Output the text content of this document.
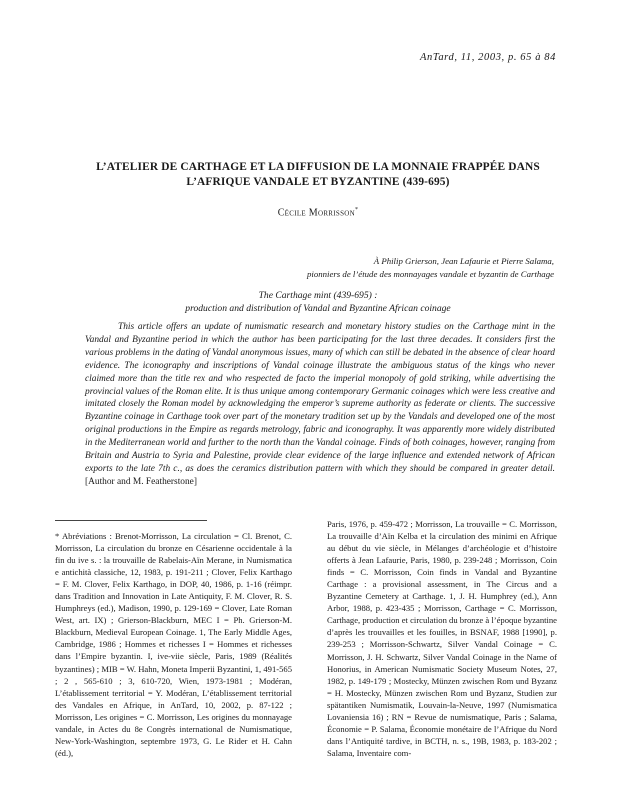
AnTard, 11, 2003, p. 65 à 84
L’ATELIER DE CARTHAGE ET LA DIFFUSION DE LA MONNAIE FRAPPÉE DANS L’AFRIQUE VANDALE ET BYZANTINE (439-695)
Cécile Morrisson*
À Philip Grierson, Jean Lafaurie et Pierre Salama,
pionniers de l’étude des monnayages vandale et byzantin de Carthage
The Carthage mint (439-695) :
production and distribution of Vandal and Byzantine African coinage
This article offers an update of numismatic research and monetary history studies on the Carthage mint in the Vandal and Byzantine period in which the author has been participating for the last three decades. It considers first the various problems in the dating of Vandal anonymous issues, many of which can still be debated in the absence of clear hoard evidence. The iconography and inscriptions of Vandal coinage illustrate the ambiguous status of the kings who never claimed more than the title rex and who respected de facto the imperial monopoly of gold striking, while advertising the provincial values of the Roman elite. It is thus unique among contemporary Germanic coinages which were less creative and imitated closely the Roman model by acknowledging the emperor’s supreme authority as federate or clients. The successive Byzantine coinage in Carthage took over part of the monetary tradition set up by the Vandals and developed one of the most original productions in the Empire as regards metrology, fabric and iconography. It was apparently more widely distributed in the Mediterranean world and further to the north than the Vandal coinage. Finds of both coinages, however, ranging from Britain and Austria to Syria and Palestine, provide clear evidence of the large influence and extended network of African exports to the late 7th c., as does the ceramics distribution pattern with which they should be compared in greater detail. [Author and M. Featherstone]

* Abréviations : Brenot-Morrisson, La circulation = Cl. Brenot, C. Morrisson, La circulation du bronze en Césarienne occidentale à la fin du ive s. : la trouvaille de Rabelais-Aïn Merane, in Numismatica e antichità classiche, 12, 1983, p. 191-211 ; Clover, Felix Karthago = F. M. Clover, Felix Karthago, in DOP, 40, 1986, p. 1-16 (réimpr. dans Tradition and Innovation in Late Antiquity, F. M. Clover, R. S. Humphreys (ed.), Madison, 1990, p. 129-169 = Clover, Late Roman West, art. IX) ; Grierson-Blackburn, MEC I = Ph. Grierson-M. Blackburn, Medieval European Coinage. 1, The Early Middle Ages, Cambridge, 1986 ; Hommes et richesses I = Hommes et richesses dans l’Empire byzantin. I, ive-viie siècle, Paris, 1989 (Réalités byzantines) ; MIB = W. Hahn, Moneta Imperii Byzantini, 1, 491-565 ; 2 , 565-610 ; 3, 610-720, Wien, 1973-1981 ; Modéran, L’établissement territorial = Y. Modéran, L’établissement territorial des Vandales en Afrique, in AnTard, 10, 2002, p. 87-122 ; Morrisson, Les origines = C. Morrisson, Les origines du monnayage vandale, in Actes du 8e Congrès international de Numismatique, New-York-Washington, septembre 1973, G. Le Rider et H. Cahn (éd.),

Paris, 1976, p. 459-472 ; Morrisson, La trouvaille = C. Morrisson, La trouvaille d’Aïn Kelba et la circulation des minimi en Afrique au début du vie siècle, in Mélanges d’archéologie et d’histoire offerts à Jean Lafaurie, Paris, 1980, p. 239-248 ; Morrisson, Coin finds = C. Morrisson, Coin finds in Vandal and Byzantine Carthage : a provisional assessment, in The Circus and a Byzantine Cemetery at Carthage. 1, J. H. Humphrey (ed.), Ann Arbor, 1988, p. 423-435 ; Morrisson, Carthage = C. Morrisson, Carthage, production et circulation du bronze à l’époque byzantine d’après les trouvailles et les fouilles, in BSNAF, 1988 [1990], p. 239-253 ; Morrisson-Schwartz, Silver Vandal Coinage = C. Morrisson, J. H. Schwartz, Silver Vandal Coinage in the Name of Honorius, in American Numismatic Society Museum Notes, 27, 1982, p. 149-179 ; Mostecky, Münzen zwischen Rom und Byzanz = H. Mostecky, Münzen zwischen Rom und Byzanz, Studien zur spätantiken Numismatik, Louvain-la-Neuve, 1997 (Numismatica Lovaniensia 16) ; RN = Revue de numismatique, Paris ; Salama, Économie = P. Salama, Économie monétaire de l’Afrique du Nord dans l’Antiquité tardive, in BCTH, n. s., 19B, 1983, p. 183-202 ; Salama, Inventaire com-
